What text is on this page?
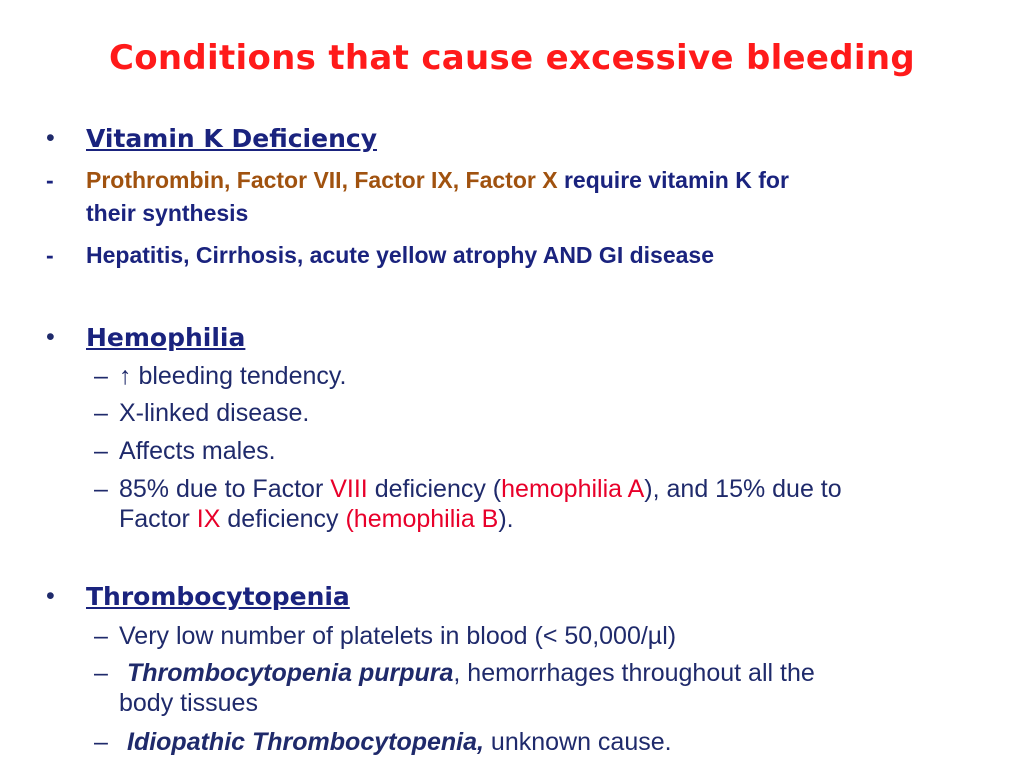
Conditions that cause excessive bleeding
• Vitamin K Deficiency
- Prothrombin, Factor VII, Factor IX, Factor X require vitamin K for
their synthesis
- Hepatitis, Cirrhosis, acute yellow atrophy AND GI disease
• Hemophilia
– ↑ bleeding tendency.
– X-linked disease.
– Affects males.
– 85% due to Factor VIII deficiency (hemophilia A), and 15% due to
Factor IX deficiency (hemophilia B).
• Thrombocytopenia
– Very low number of platelets in blood (< 50,000/µl)
– Thrombocytopenia purpura, hemorrhages throughout all the
body tissues
– Idiopathic Thrombocytopenia, unknown cause.
